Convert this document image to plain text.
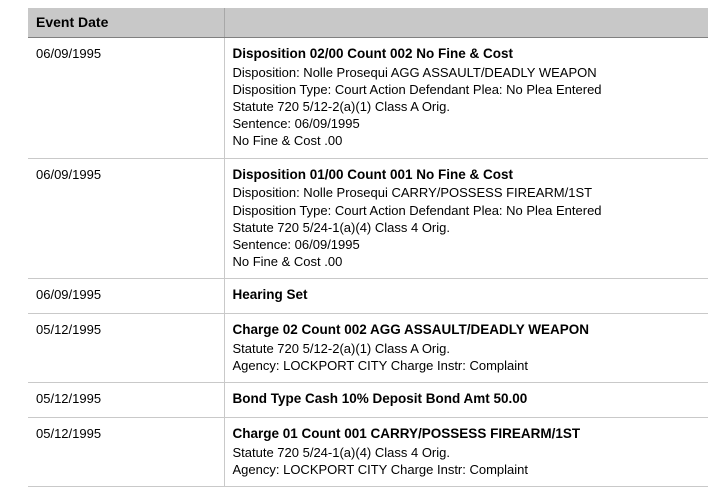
Event Date	
06/09/1995	Disposition 02/00 Count 002 No Fine & Cost
Disposition: Nolle Prosequi AGG ASSAULT/DEADLY WEAPON
Disposition Type: Court Action Defendant Plea: No Plea Entered
Statute 720 5/12-2(a)(1) Class A Orig.
Sentence: 06/09/1995
No Fine & Cost .00

06/09/1995	Disposition 01/00 Count 001 No Fine & Cost
Disposition: Nolle Prosequi CARRY/POSSESS FIREARM/1ST
Disposition Type: Court Action Defendant Plea: No Plea Entered
Statute 720 5/24-1(a)(4) Class 4 Orig.
Sentence: 06/09/1995
No Fine & Cost .00

06/09/1995	Hearing Set

05/12/1995	Charge 02 Count 002 AGG ASSAULT/DEADLY WEAPON
Statute 720 5/12-2(a)(1) Class A Orig.
Agency: LOCKPORT CITY Charge Instr: Complaint

05/12/1995	Bond Type Cash 10% Deposit Bond Amt 50.00

05/12/1995	Charge 01 Count 001 CARRY/POSSESS FIREARM/1ST
Statute 720 5/24-1(a)(4) Class 4 Orig.
Agency: LOCKPORT CITY Charge Instr: Complaint
